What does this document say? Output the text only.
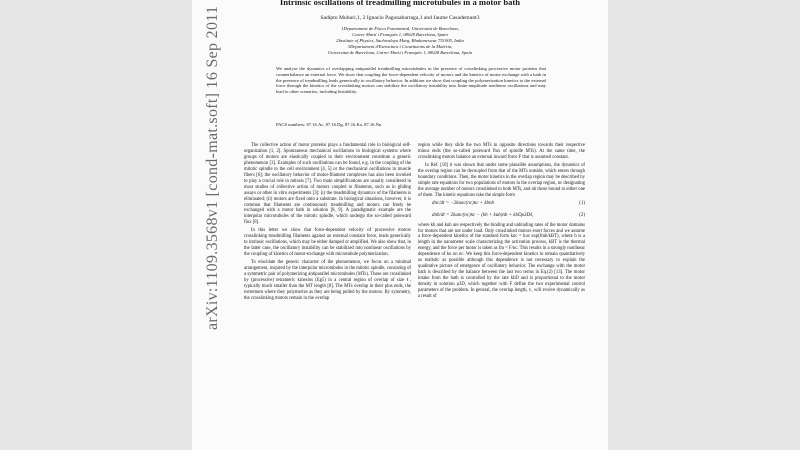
arXiv:1109.3568v1 [cond-mat.soft] 16 Sep 2011
Intrinsic oscillations of treadmilling microtubules in a motor bath
Sadipto Muhuri,1, 2 Ignacio Pagonabarraga,1 and Jaume Casademunt3
1Departament de Física Fonamental, Universitat de Barcelona,
Carrer Martí i Franquès 1, 08028 Barcelona, Spain
2Institute of Physics, Sachivalaya Marg, Bhubaneswar 751005, India
3Departament d'Estructura i Constituents de la Matèria,
Universitat de Barcelona, Carrer Martí i Franquès 1, 08028 Barcelona, Spain
We analyse the dynamics of overlapping antiparallel treadmilling microtubules in the presence of crosslinking processive motor proteins that counterbalance an external force. We show that coupling the force-dependent velocity of motors and the kinetics of motor exchange with a bath in the presence of treadmilling leads generically to oscillatory behavior. In addition we show that coupling the polymerization kinetics to the external force through the kinetics of the crosslinking motors can stabilize the oscillatory instability into finite-amplitude nonlinear oscillations and may lead to other scenarios, including bistability.
PACS numbers: 87.16.Ac, 87.16.Dg, 87.16.Ka, 87.16.Nn

The collective action of motor proteins plays a fundamental role in biological self-organization [1, 2]. Spontaneous mechanical oscillations in biological systems where groups of motors are elastically coupled to their environment constitute a generic phenomenon [3]. Examples of such oscillations can be found, e.g. in the coupling of the mitotic spindle to the cell environment [4, 5] or the mechanical oscillations in muscle fibers [6]; the oscillatory behavior of motor-filament complexes has also been invoked to play a crucial role in mitosis [7]. Two main simplifications are usually considered in most studies of collective action of motors coupled to filaments, such as in gliding assays or other in vitro experiments [3]: (i) the treadmilling dynamics of the filaments is eliminated; (ii) motors are fixed onto a substrate. In biological situations, however, it is common that filaments are continuously treadmilling and motors can freely be exchanged with a motor bath in solution [8, 9]. A paradigmatic example are the interpolar microtubules of the mitotic spindle, which undergo the so-called poleward flux [8].

In this letter we show that force-dependent velocity of processive motors crosslinking treadmilling filaments against an external constant force, leads generically to intrinsic oscillations, which may be either damped or amplified. We also show that, in the latter case, the oscillatory instability can be stabilized into nonlinear oscillations by the coupling of kinetics of motor-exchange with microtubule polymerization.

To elucidate the generic character of the phenomenon, we focus on a minimal arrangement, inspired by the interpolar microtubules in the mitotic spindle, consisting of a symmetric pair of polymerizing antiparallel microtubules (MTs). These are crosslinked by (processive) tetrameric kinesins (Eg5) in a central region of overlap of size ℓ, typically much smaller than the MT length [8]. The MTs overlap in their plus ends, the extremum where they polymerize as they are being pulled by the motors. By symmetry, the crosslinking motors remain in the overlap

region while they slide the two MTs in opposite directions towards their respective minus ends (the so-called poleward flux of spindle MTs). At the same time, the crosslinking motors balance an external inward force F that is assumed constant.

In Ref. [10] it was shown that under some plausible assumptions, the dynamics of the overlap region can be decoupled from that of the MTs outside, which enters through boundary conditions. Then, the motor kinetics in the overlap region may be described by simple rate equations for two populations of motors in the overlap region, nc designating the average number of motors crosslinked to both MTs, and nb those bound to either one of them. The kinetic equations take the simple form

dnc/dt = −2kunc(nc)nc + kbnb	(1)
dnb/dt = 2kunc(nc)nc − (kb + kub)nb + kbDρ3Dℓ,	(2)

where kb and kub are respectively the binding and unbinding rates of the motor domains for motors that are not under load. Only crosslinked motors exert forces and we assume a force-dependent kinetics of the standard form kuc = kuc exp(fmb/kBT), where b is a length in the nanometer scale characterizing the activation process, kBT is the thermal energy, and the force per motor is taken as fm = F/nc. This results in a strongly nonlinear dependence of ku on nc. We keep this force-dependent kinetics to remain quantitatively as realistic as possible although this dependence is not necessary to explain the qualitative picture of emergence of oscillatory behavior. The exchange with the motor bath is described by the balance between the last two terms in Eq.(2) [13]. The motor intake from the bath is controlled by the rate kbD and is proportional to the motor density in solution ρ3D, which together with F define the two experimental control parameters of the problem. In general, the overlap length, ℓ, will evolve dynamically as a result of
